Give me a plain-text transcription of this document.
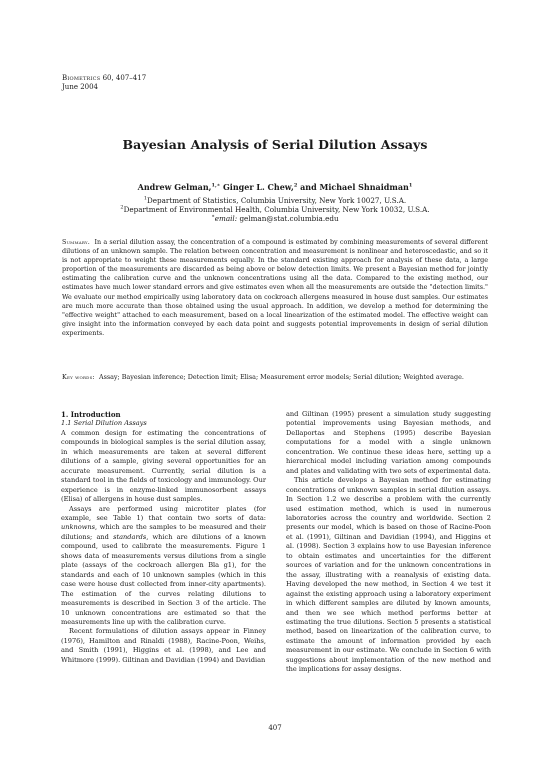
Biometrics 60, 407–417
June 2004
Bayesian Analysis of Serial Dilution Assays
Andrew Gelman,$^{1,∗}$ Ginger L. Chew,$^2$ and Michael Shnaidman$^1$
$^1$Department of Statistics, Columbia University, New York 10027, U.S.A.
$^2$Department of Environmental Health, Columbia University, New York 10032, U.S.A.
∗email: gelman@stat.columbia.edu
Summary. In a serial dilution assay, the concentration of a compound is estimated by combining measurements of several different dilutions of an unknown sample. The relation between concentration and measurement is nonlinear and heteroscedastic, and so it is not appropriate to weight these measurements equally. In the standard existing approach for analysis of these data, a large proportion of the measurements are discarded as being above or below detection limits. We present a Bayesian method for jointly estimating the calibration curve and the unknown concentrations using all the data. Compared to the existing method, our estimates have much lower standard errors and give estimates even when all the measurements are outside the "detection limits." We evaluate our method empirically using laboratory data on cockroach allergens measured in house dust samples. Our estimates are much more accurate than those obtained using the usual approach. In addition, we develop a method for determining the "effective weight" attached to each measurement, based on a local linearization of the estimated model. The effective weight can give insight into the information conveyed by each data point and suggests potential improvements in design of serial dilution experiments.
Key words: Assay; Bayesian inference; Detection limit; Elisa; Measurement error models; Serial dilution; Weighted average.

1. Introduction

1.1 Serial Dilution Assays

A common design for estimating the concentrations of compounds in biological samples is the serial dilution assay, in which measurements are taken at several different dilutions of a sample, giving several opportunities for an accurate measurement. Currently, serial dilution is a standard tool in the fields of toxicology and immunology. Our experience is in enzyme-linked immunosorbent assays (Elisa) of allergens in house dust samples.

Assays are performed using microtiter plates (for example, see Table 1) that contain two sorts of data: unknowns, which are the samples to be measured and their dilutions; and standards, which are dilutions of a known compound, used to calibrate the measurements. Figure 1 shows data of measurements versus dilutions from a single plate (assays of the cockroach allergen Bla g1), for the standards and each of 10 unknown samples (which in this case were house dust collected from inner-city apartments). The estimation of the curves relating dilutions to measurements is described in Section 3 of the article. The 10 unknown concentrations are estimated so that the measurements line up with the calibration curve.

Recent formulations of dilution assays appear in Finney (1976), Hamilton and Rinaldi (1988), Racine-Poon, Weihs, and Smith (1991), Higgins et al. (1998), and Lee and Whitmore (1999). Giltinan and Davidian (1994) and Davidian

and Giltinan (1995) present a simulation study suggesting potential improvements using Bayesian methods, and Dellaportas and Stephens (1995) describe Bayesian computations for a model with a single unknown concentration. We continue these ideas here, setting up a hierarchical model including variation among compounds and plates and validating with two sets of experimental data.

This article develops a Bayesian method for estimating concentrations of unknown samples in serial dilution assays. In Section 1.2 we describe a problem with the currently used estimation method, which is used in numerous laboratories across the country and worldwide. Section 2 presents our model, which is based on those of Racine-Poon et al. (1991), Giltinan and Davidian (1994), and Higgins et al. (1998). Section 3 explains how to use Bayesian inference to obtain estimates and uncertainties for the different sources of variation and for the unknown concentrations in the assay, illustrating with a reanalysis of existing data. Having developed the new method, in Section 4 we test it against the existing approach using a laboratory experiment in which different samples are diluted by known amounts, and then we see which method performs better at estimating the true dilutions. Section 5 presents a statistical method, based on linearization of the calibration curve, to estimate the amount of information provided by each measurement in our estimate. We conclude in Section 6 with suggestions about implementation of the new method and the implications for assay designs.

407
